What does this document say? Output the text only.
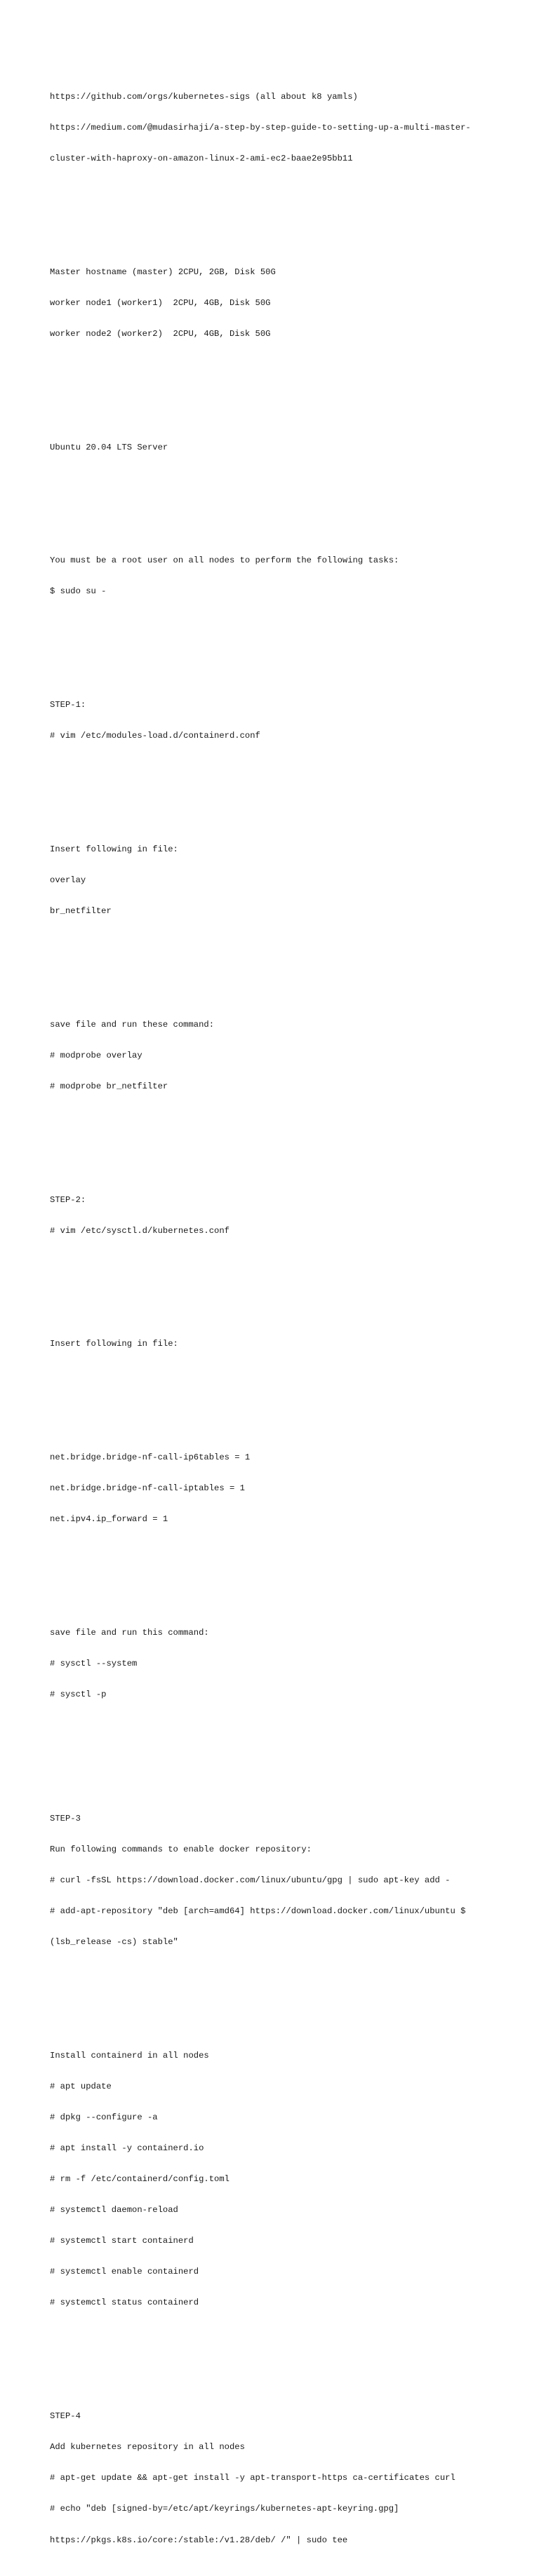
https://github.com/orgs/kubernetes-sigs (all about k8 yamls)

https://medium.com/@mudasirhaji/a-step-by-step-guide-to-setting-up-a-multi-master-

cluster-with-haproxy-on-amazon-linux-2-ami-ec2-baae2e95bb11

Master hostname (master) 2CPU, 2GB, Disk 50G

worker node1 (worker1)  2CPU, 4GB, Disk 50G

worker node2 (worker2)  2CPU, 4GB, Disk 50G

Ubuntu 20.04 LTS Server

You must be a root user on all nodes to perform the following tasks:

$ sudo su -

STEP-1:

# vim /etc/modules-load.d/containerd.conf

Insert following in file:

overlay

br_netfilter

save file and run these command:

# modprobe overlay

# modprobe br_netfilter

STEP-2:

# vim /etc/sysctl.d/kubernetes.conf

Insert following in file:

net.bridge.bridge-nf-call-ip6tables = 1

net.bridge.bridge-nf-call-iptables = 1

net.ipv4.ip_forward = 1

save file and run this command:

# sysctl --system

# sysctl -p

STEP-3

Run following commands to enable docker repository:

# curl -fsSL https://download.docker.com/linux/ubuntu/gpg | sudo apt-key add -

# add-apt-repository "deb [arch=amd64] https://download.docker.com/linux/ubuntu $

(lsb_release -cs) stable"

Install containerd in all nodes

# apt update

# dpkg --configure -a

# apt install -y containerd.io

# rm -f /etc/containerd/config.toml

# systemctl daemon-reload

# systemctl start containerd

# systemctl enable containerd

# systemctl status containerd

STEP-4

Add kubernetes repository in all nodes

# apt-get update && apt-get install -y apt-transport-https ca-certificates curl

# echo "deb [signed-by=/etc/apt/keyrings/kubernetes-apt-keyring.gpg]

https://pkgs.k8s.io/core:/stable:/v1.28/deb/ /" | sudo tee
